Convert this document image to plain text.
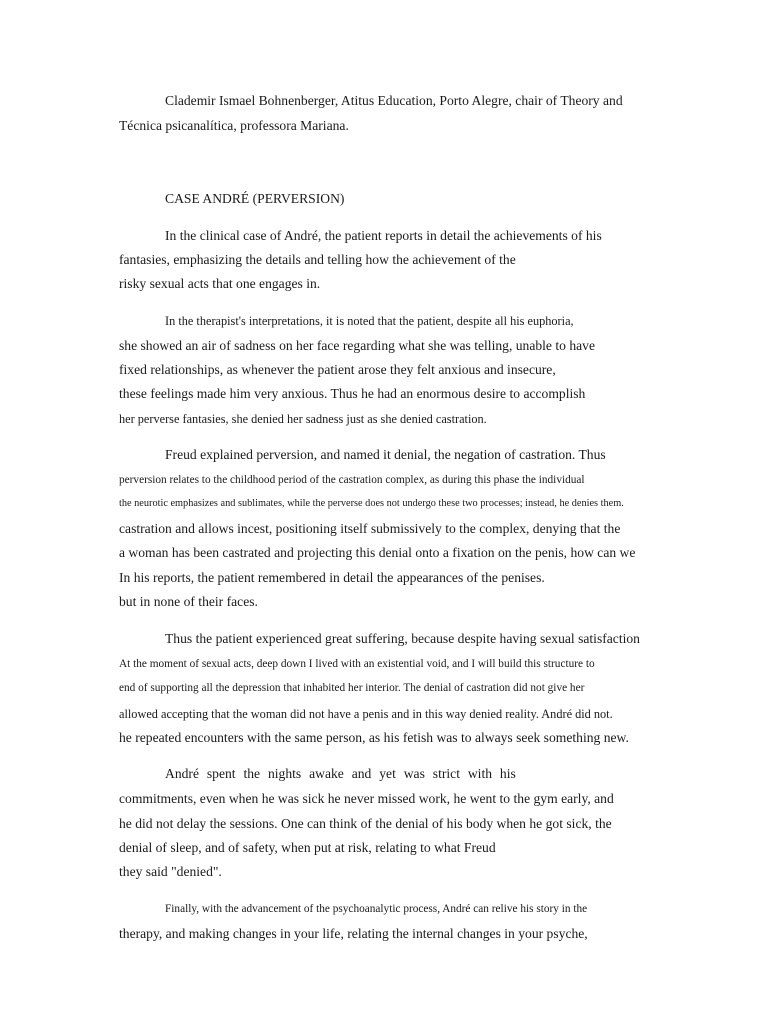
Clademir Ismael Bohnenberger, Atitus Education, Porto Alegre, chair of Theory and
Técnica psicanalítica, professora Mariana.
CASE ANDRÉ (PERVERSION)
In the clinical case of André, the patient reports in detail the achievements of his
fantasies, emphasizing the details and telling how the achievement of the
risky sexual acts that one engages in.
In the therapist's interpretations, it is noted that the patient, despite all his euphoria,
she showed an air of sadness on her face regarding what she was telling, unable to have
fixed relationships, as whenever the patient arose they felt anxious and insecure,
these feelings made him very anxious. Thus he had an enormous desire to accomplish
her perverse fantasies, she denied her sadness just as she denied castration.
Freud explained perversion, and named it denial, the negation of castration. Thus
perversion relates to the childhood period of the castration complex, as during this phase the individual
the neurotic emphasizes and sublimates, while the perverse does not undergo these two processes; instead, he denies them.
castration and allows incest, positioning itself submissively to the complex, denying that the
a woman has been castrated and projecting this denial onto a fixation on the penis, how can we
In his reports, the patient remembered in detail the appearances of the penises.
but in none of their faces.
Thus the patient experienced great suffering, because despite having sexual satisfaction
At the moment of sexual acts, deep down I lived with an existential void, and I will build this structure to
end of supporting all the depression that inhabited her interior. The denial of castration did not give her
allowed accepting that the woman did not have a penis and in this way denied reality. André did not.
he repeated encounters with the same person, as his fetish was to always seek something new.
André spent the nights awake and yet was strict with his
commitments, even when he was sick he never missed work, he went to the gym early, and
he did not delay the sessions. One can think of the denial of his body when he got sick, the
denial of sleep, and of safety, when put at risk, relating to what Freud
they said "denied".
Finally, with the advancement of the psychoanalytic process, André can relive his story in the
therapy, and making changes in your life, relating the internal changes in your psyche,
